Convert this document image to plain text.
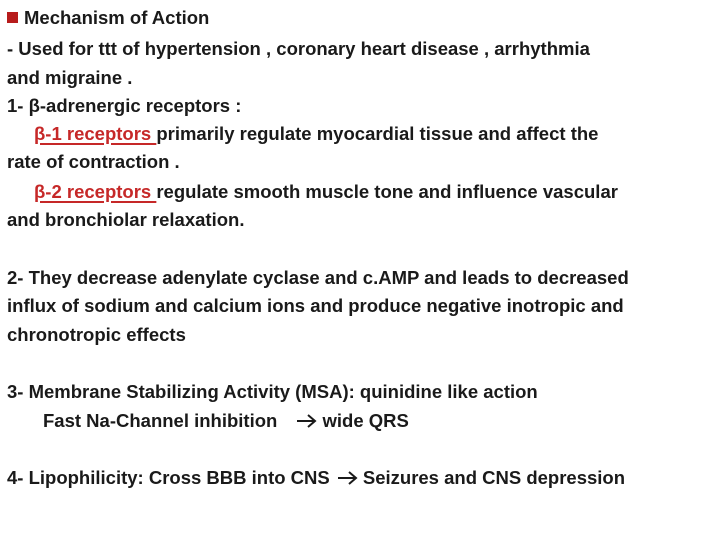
Mechanism of Action
- Used for ttt of hypertension , coronary heart disease , arrhythmia
and migraine .
1- β-adrenergic receptors :
β-1 receptors primarily regulate myocardial tissue and affect the
rate of contraction .
β-2 receptors regulate smooth muscle tone and influence vascular
and bronchiolar relaxation.
2- They decrease adenylate cyclase and c.AMP and leads to decreased
influx of sodium and calcium ions and produce negative inotropic and
chronotropic effects
3- Membrane Stabilizing Activity (MSA): quinidine like action
Fast Na-Channel inhibition wide QRS
4- Lipophilicity: Cross BBB into CNS Seizures and CNS depression
